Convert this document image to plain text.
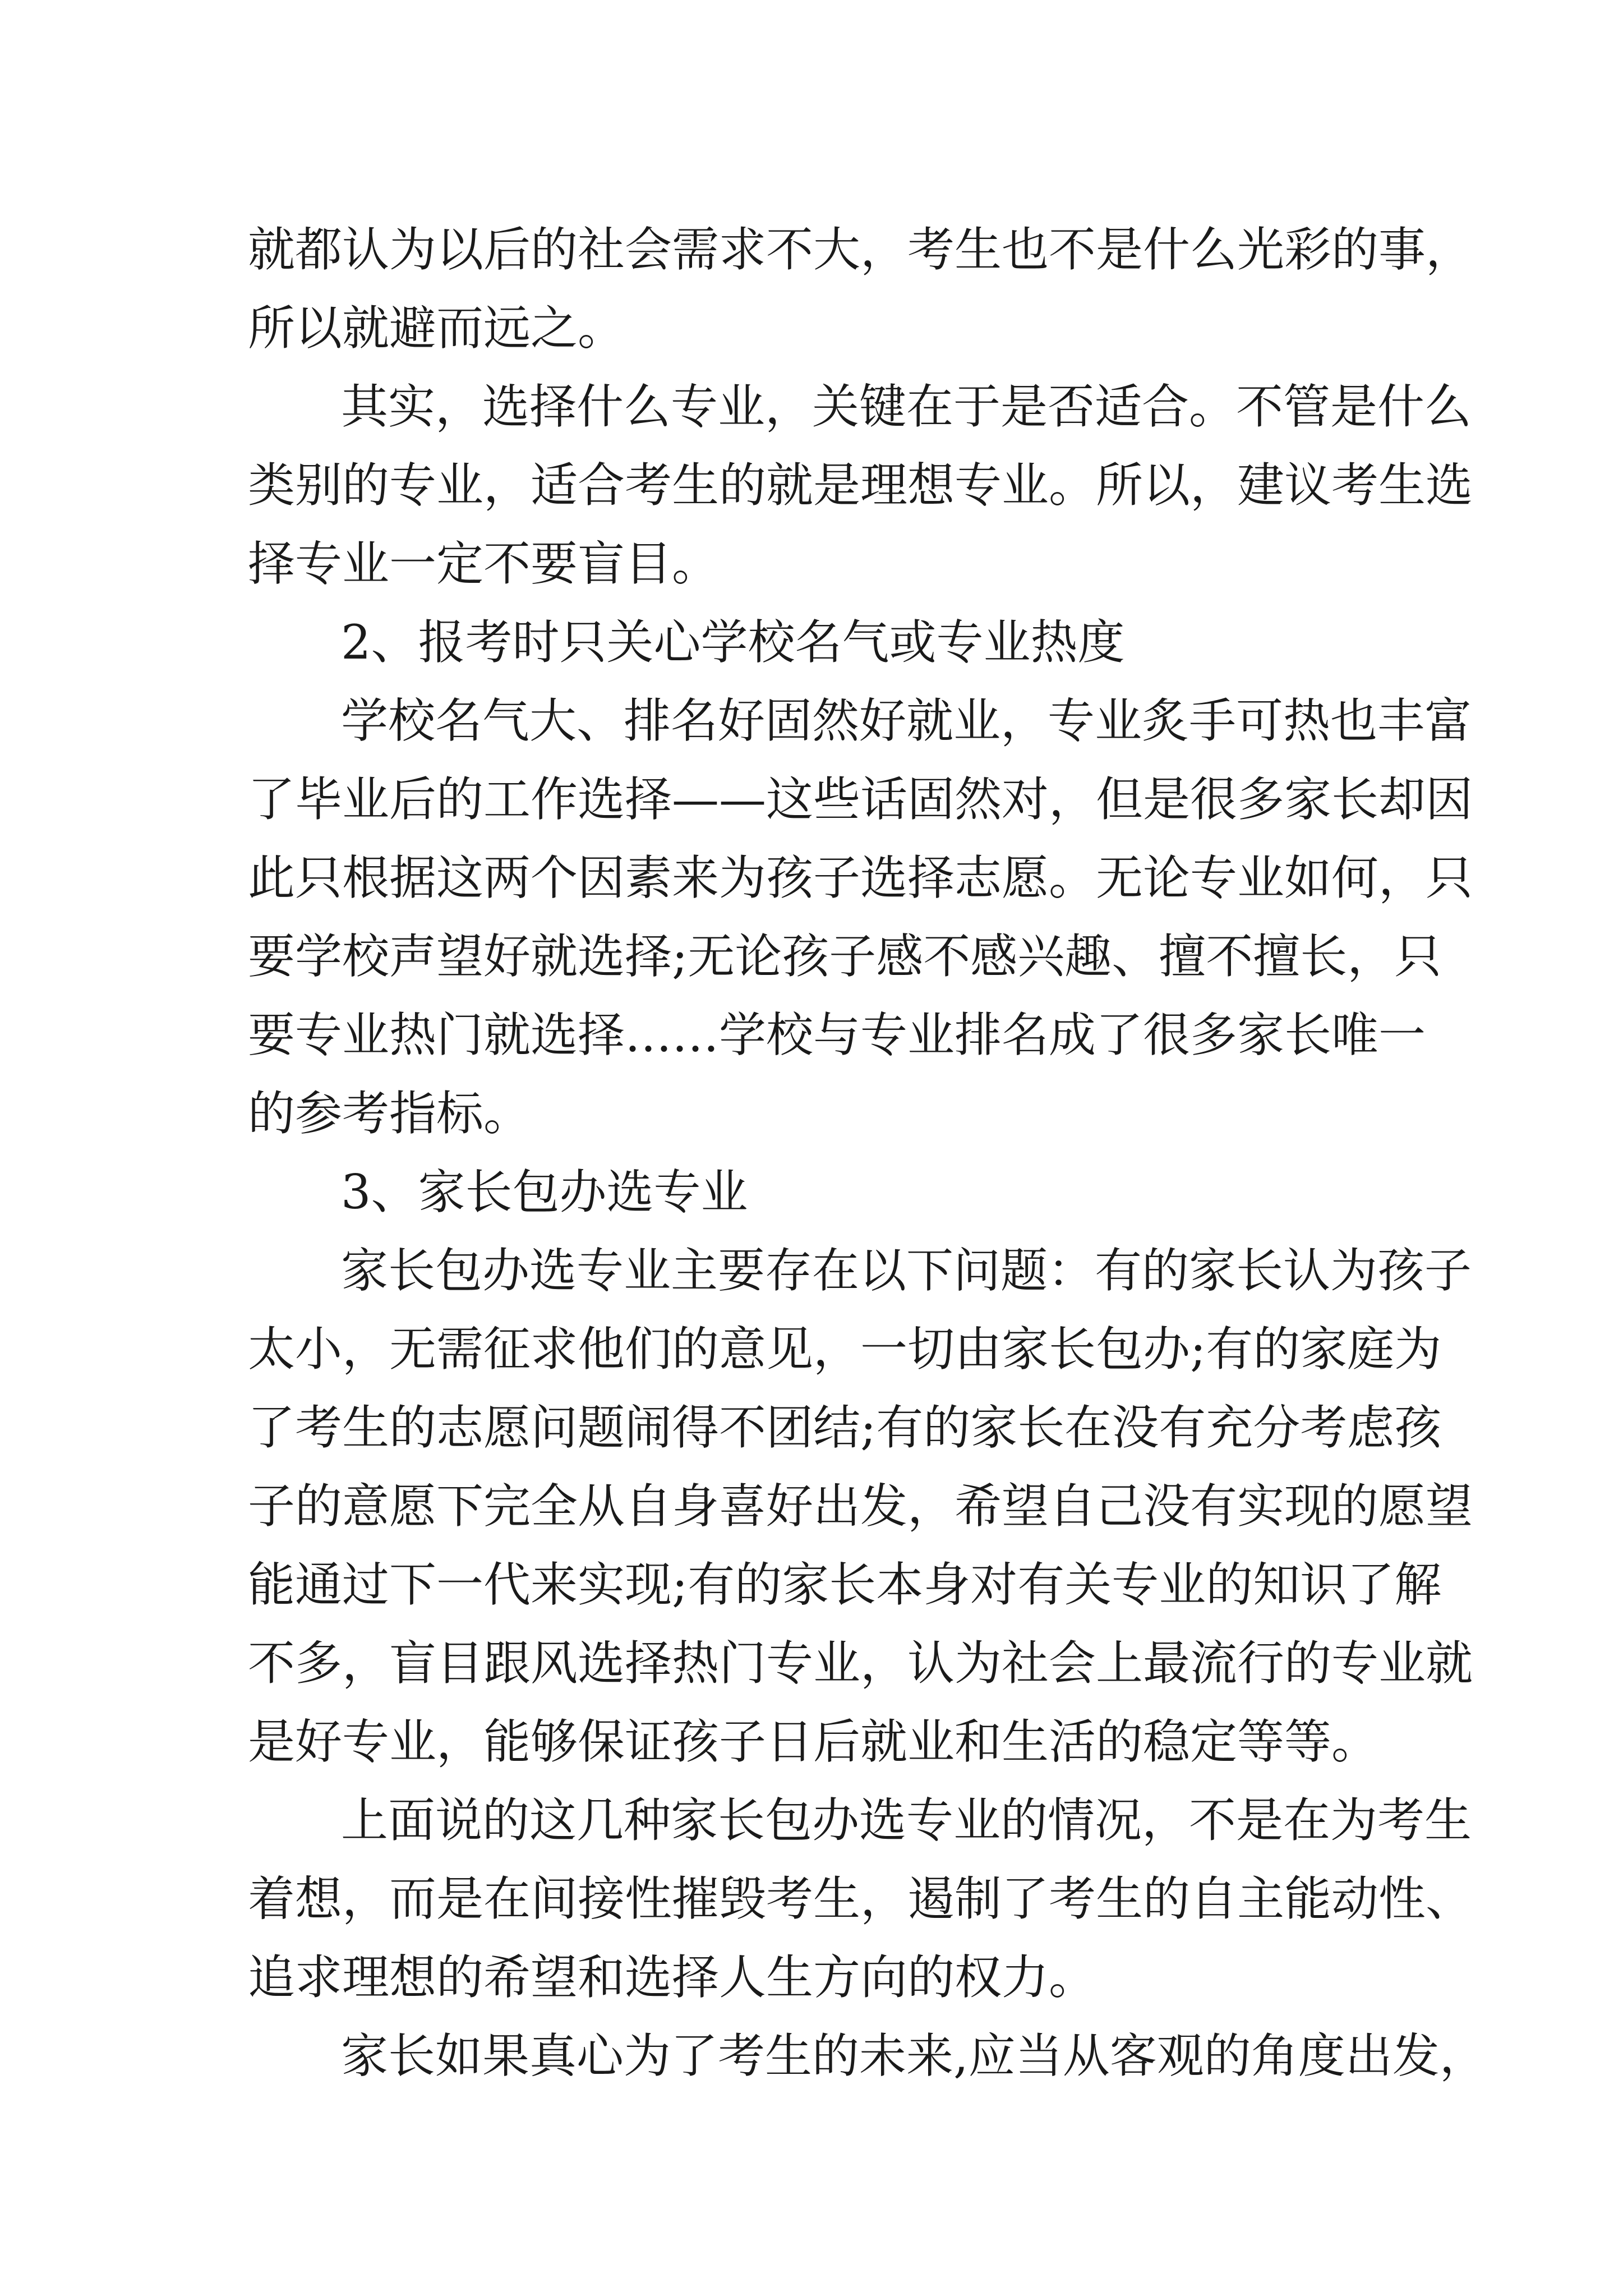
就都认为以后的社会需求不大，考生也不是什么光彩的事，
所以就避而远之。
其实，选择什么专业，关键在于是否适合。不管是什么
类别的专业，适合考生的就是理想专业。所以，建议考生选
择专业一定不要盲目。
2、报考时只关心学校名气或专业热度
学校名气大、排名好固然好就业，专业炙手可热也丰富
了毕业后的工作选择——这些话固然对，但是很多家长却因
此只根据这两个因素来为孩子选择志愿。无论专业如何，只
要学校声望好就选择;无论孩子感不感兴趣、擅不擅长，只
要专业热门就选择……学校与专业排名成了很多家长唯一
的参考指标。
3、家长包办选专业
家长包办选专业主要存在以下问题：有的家长认为孩子
太小，无需征求他们的意见，一切由家长包办;有的家庭为
了考生的志愿问题闹得不团结;有的家长在没有充分考虑孩
子的意愿下完全从自身喜好出发，希望自己没有实现的愿望
能通过下一代来实现;有的家长本身对有关专业的知识了解
不多，盲目跟风选择热门专业，认为社会上最流行的专业就
是好专业，能够保证孩子日后就业和生活的稳定等等。
上面说的这几种家长包办选专业的情况，不是在为考生
着想，而是在间接性摧毁考生，遏制了考生的自主能动性、
追求理想的希望和选择人生方向的权力。
家长如果真心为了考生的未来,应当从客观的角度出发，
